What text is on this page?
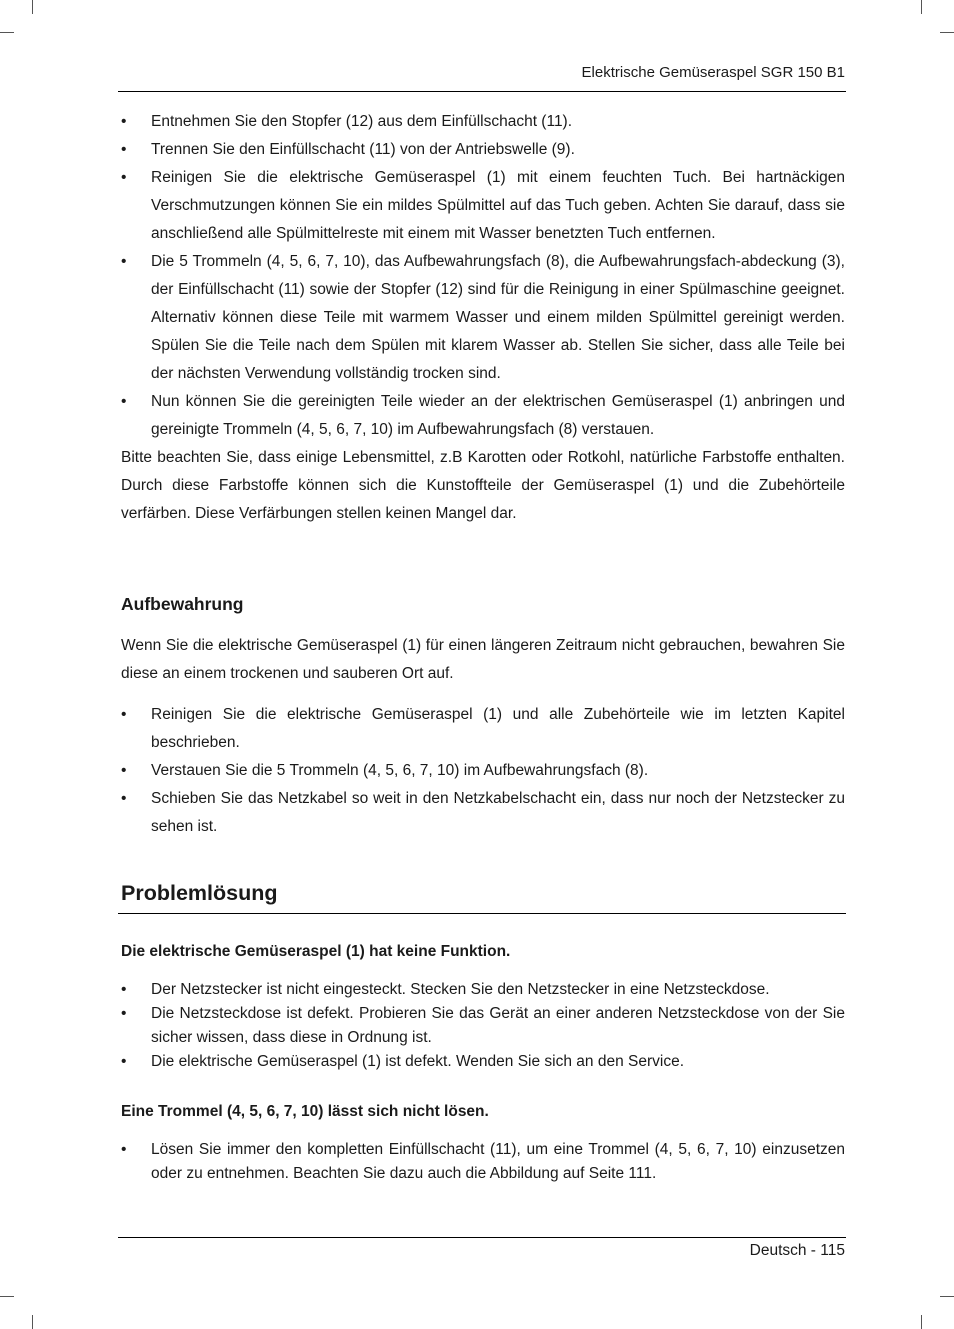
Elektrische Gemüseraspel SGR 150 B1
• Entnehmen Sie den Stopfer (12) aus dem Einfüllschacht (11).
• Trennen Sie den Einfüllschacht (11) von der Antriebswelle (9).
• Reinigen Sie die elektrische Gemüseraspel (1) mit einem feuchten Tuch. Bei hartnäckigen Verschmutzungen können Sie ein mildes Spülmittel auf das Tuch geben. Achten Sie darauf, dass sie anschließend alle Spülmittelreste mit einem mit Wasser benetzten Tuch entfernen.
• Die 5 Trommeln (4, 5, 6, 7, 10), das Aufbewahrungsfach (8), die Aufbewahrungsfach-abdeckung (3), der Einfüllschacht (11) sowie der Stopfer (12) sind für die Reinigung in einer Spülmaschine geeignet. Alternativ können diese Teile mit warmem Wasser und einem milden Spülmittel gereinigt werden. Spülen Sie die Teile nach dem Spülen mit klarem Wasser ab. Stellen Sie sicher, dass alle Teile bei der nächsten Verwendung vollständig trocken sind.
• Nun können Sie die gereinigten Teile wieder an der elektrischen Gemüseraspel (1) anbringen und gereinigte Trommeln (4, 5, 6, 7, 10) im Aufbewahrungsfach (8) verstauen.

Bitte beachten Sie, dass einige Lebensmittel, z.B Karotten oder Rotkohl, natürliche Farbstoffe enthalten. Durch diese Farbstoffe können sich die Kunstoffteile der Gemüseraspel (1) und die Zubehörteile verfärben. Diese Verfärbungen stellen keinen Mangel dar.

Aufbewahrung

Wenn Sie die elektrische Gemüseraspel (1) für einen längeren Zeitraum nicht gebrauchen, bewahren Sie diese an einem trockenen und sauberen Ort auf.

• Reinigen Sie die elektrische Gemüseraspel (1) und alle Zubehörteile wie im letzten Kapitel beschrieben.
• Verstauen Sie die 5 Trommeln (4, 5, 6, 7, 10) im Aufbewahrungsfach (8).
• Schieben Sie das Netzkabel so weit in den Netzkabelschacht ein, dass nur noch der Netzstecker zu sehen ist.
Problemlösung
Die elektrische Gemüseraspel (1) hat keine Funktion.
• Der Netzstecker ist nicht eingesteckt. Stecken Sie den Netzstecker in eine Netzsteckdose.
• Die Netzsteckdose ist defekt. Probieren Sie das Gerät an einer anderen Netzsteckdose von der Sie sicher wissen, dass diese in Ordnung ist.
• Die elektrische Gemüseraspel (1) ist defekt. Wenden Sie sich an den Service.
Eine Trommel (4, 5, 6, 7, 10) lässt sich nicht lösen.
• Lösen Sie immer den kompletten Einfüllschacht (11), um eine Trommel (4, 5, 6, 7, 10) einzusetzen oder zu entnehmen. Beachten Sie dazu auch die Abbildung auf Seite 111.
Deutsch - 115
